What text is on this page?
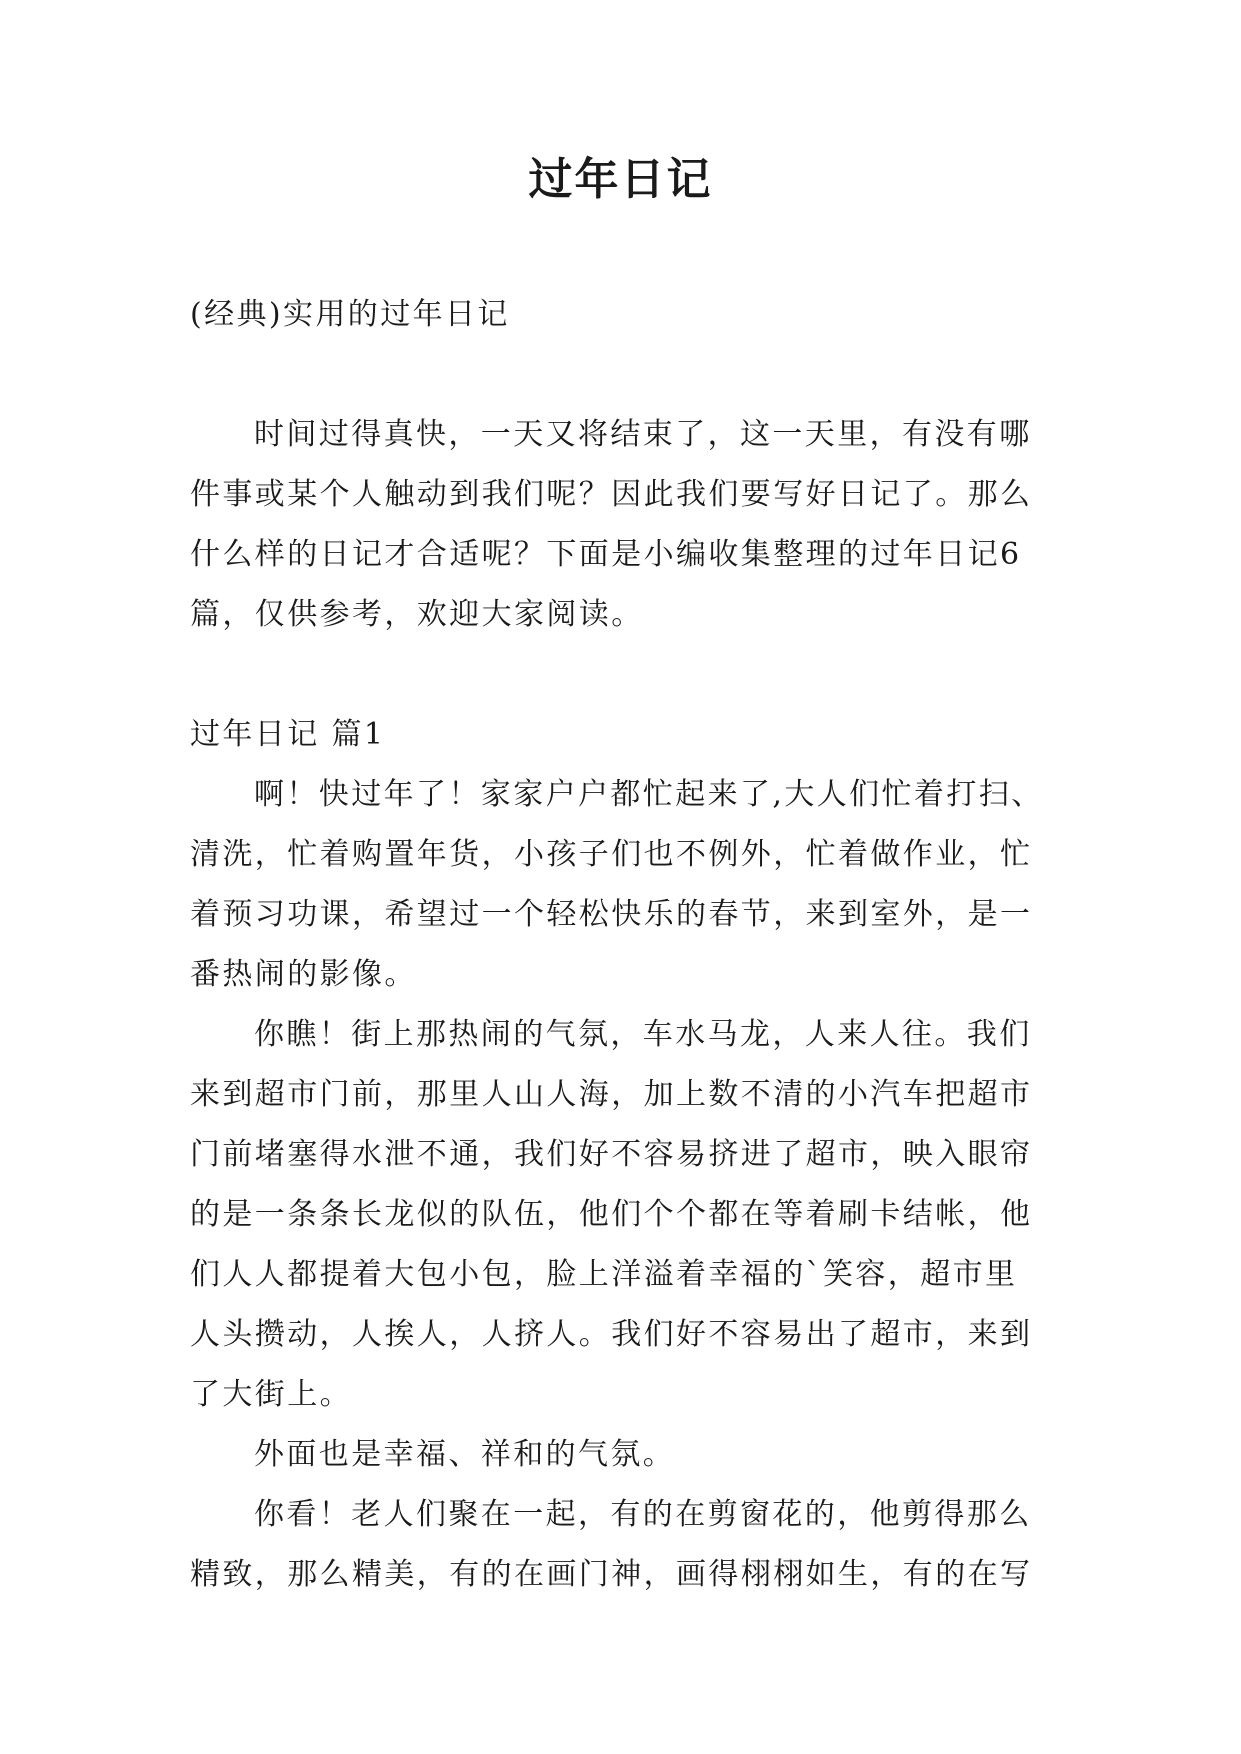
过年日记
(经典)实用的过年日记
时间过得真快，一天又将结束了，这一天里，有没有哪
件事或某个人触动到我们呢？因此我们要写好日记了。那么
什么样的日记才合适呢？下面是小编收集整理的过年日记6
篇，仅供参考，欢迎大家阅读。
过年日记 篇1
啊！快过年了！家家户户都忙起来了,大人们忙着打扫、
清洗，忙着购置年货，小孩子们也不例外，忙着做作业，忙
着预习功课，希望过一个轻松快乐的春节，来到室外，是一
番热闹的影像。
你瞧！街上那热闹的气氛，车水马龙，人来人往。我们
来到超市门前，那里人山人海，加上数不清的小汽车把超市
门前堵塞得水泄不通，我们好不容易挤进了超市，映入眼帘
的是一条条长龙似的队伍，他们个个都在等着刷卡结帐，他
们人人都提着大包小包，脸上洋溢着幸福的`笑容，超市里
人头攒动，人挨人，人挤人。我们好不容易出了超市，来到
了大街上。
外面也是幸福、祥和的气氛。
你看！老人们聚在一起，有的在剪窗花的，他剪得那么
精致，那么精美，有的在画门神，画得栩栩如生，有的在写
